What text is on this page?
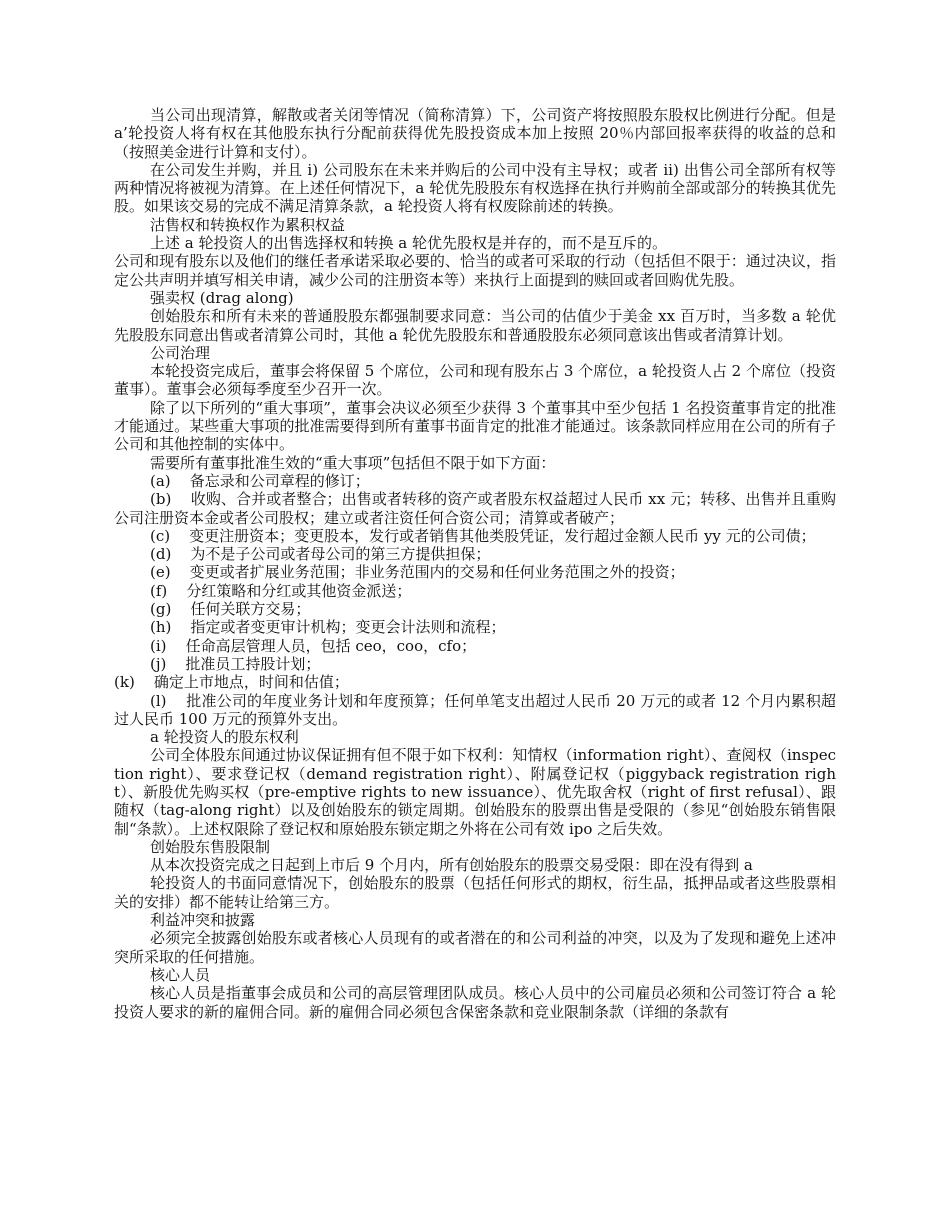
当公司出现清算，解散或者关闭等情况（简称清算）下，公司资产将按照股东股权比例进行分配。但是 a’轮投资人将有权在其他股东执行分配前获得优先股投资成本加上按照 20％内部回报率获得的收益的总和（按照美金进行计算和支付）。

在公司发生并购，并且 i) 公司股东在未来并购后的公司中没有主导权；或者 ii) 出售公司全部所有权等两种情况将被视为清算。在上述任何情况下，a 轮优先股股东有权选择在执行并购前全部或部分的转换其优先股。如果该交易的完成不满足清算条款，a 轮投资人将有权废除前述的转换。

沽售权和转换权作为累积权益

上述 a 轮投资人的出售选择权和转换 a 轮优先股权是并存的，而不是互斥的。

公司和现有股东以及他们的继任者承诺采取必要的、恰当的或者可采取的行动（包括但不限于：通过决议，指定公共声明并填写相关申请，减少公司的注册资本等）来执行上面提到的赎回或者回购优先股。

强卖权 (drag along)

创始股东和所有未来的普通股股东都强制要求同意：当公司的估值少于美金 xx 百万时，当多数 a 轮优先股股东同意出售或者清算公司时，其他 a 轮优先股股东和普通股股东必须同意该出售或者清算计划。

公司治理

本轮投资完成后，董事会将保留 5 个席位，公司和现有股东占 3 个席位，a 轮投资人占 2 个席位（投资董事）。董事会必须每季度至少召开一次。

除了以下所列的“重大事项”，董事会决议必须至少获得 3 个董事其中至少包括 1 名投资董事肯定的批准才能通过。某些重大事项的批准需要得到所有董事书面肯定的批准才能通过。该条款同样应用在公司的所有子公司和其他控制的实体中。

需要所有董事批准生效的“重大事项”包括但不限于如下方面：

(a)    备忘录和公司章程的修订；

(b)    收购、合并或者整合；出售或者转移的资产或者股东权益超过人民币 xx 元；转移、出售并且重购公司注册资本金或者公司股权；建立或者注资任何合资公司；清算或者破产；

(c)    变更注册资本；变更股本，发行或者销售其他类股凭证，发行超过金额人民币 yy 元的公司债；

(d)    为不是子公司或者母公司的第三方提供担保；

(e)    变更或者扩展业务范围；非业务范围内的交易和任何业务范围之外的投资；

(f)    分红策略和分红或其他资金派送；

(g)    任何关联方交易；

(h)    指定或者变更审计机构；变更会计法则和流程；

(i)    任命高层管理人员，包括 ceo，coo，cfo；

(j)    批准员工持股计划；

(k)    确定上市地点，时间和估值；

(l)    批准公司的年度业务计划和年度预算；任何单笔支出超过人民币 20 万元的或者 12 个月内累积超过人民币 100 万元的预算外支出。

a 轮投资人的股东权利

公司全体股东间通过协议保证拥有但不限于如下权利：知情权（information right）、查阅权（inspection right）、要求登记权（demand registration right）、附属登记权（piggyback registration right）、新股优先购买权（pre-emptive rights to new issuance）、优先取舍权（right of first refusal）、跟随权（tag-along right）以及创始股东的锁定周期。创始股东的股票出售是受限的（参见“创始股东销售限制“条款）。上述权限除了登记权和原始股东锁定期之外将在公司有效 ipo 之后失效。

创始股东售股限制

从本次投资完成之日起到上市后 9 个月内，所有创始股东的股票交易受限：即在没有得到 a

轮投资人的书面同意情况下，创始股东的股票（包括任何形式的期权，衍生品，抵押品或者这些股票相关的安排）都不能转让给第三方。

利益冲突和披露

必须完全披露创始股东或者核心人员现有的或者潜在的和公司利益的冲突，以及为了发现和避免上述冲突所采取的任何措施。

核心人员

核心人员是指董事会成员和公司的高层管理团队成员。核心人员中的公司雇员必须和公司签订符合 a 轮投资人要求的新的雇佣合同。新的雇佣合同必须包含保密条款和竞业限制条款（详细的条款有
